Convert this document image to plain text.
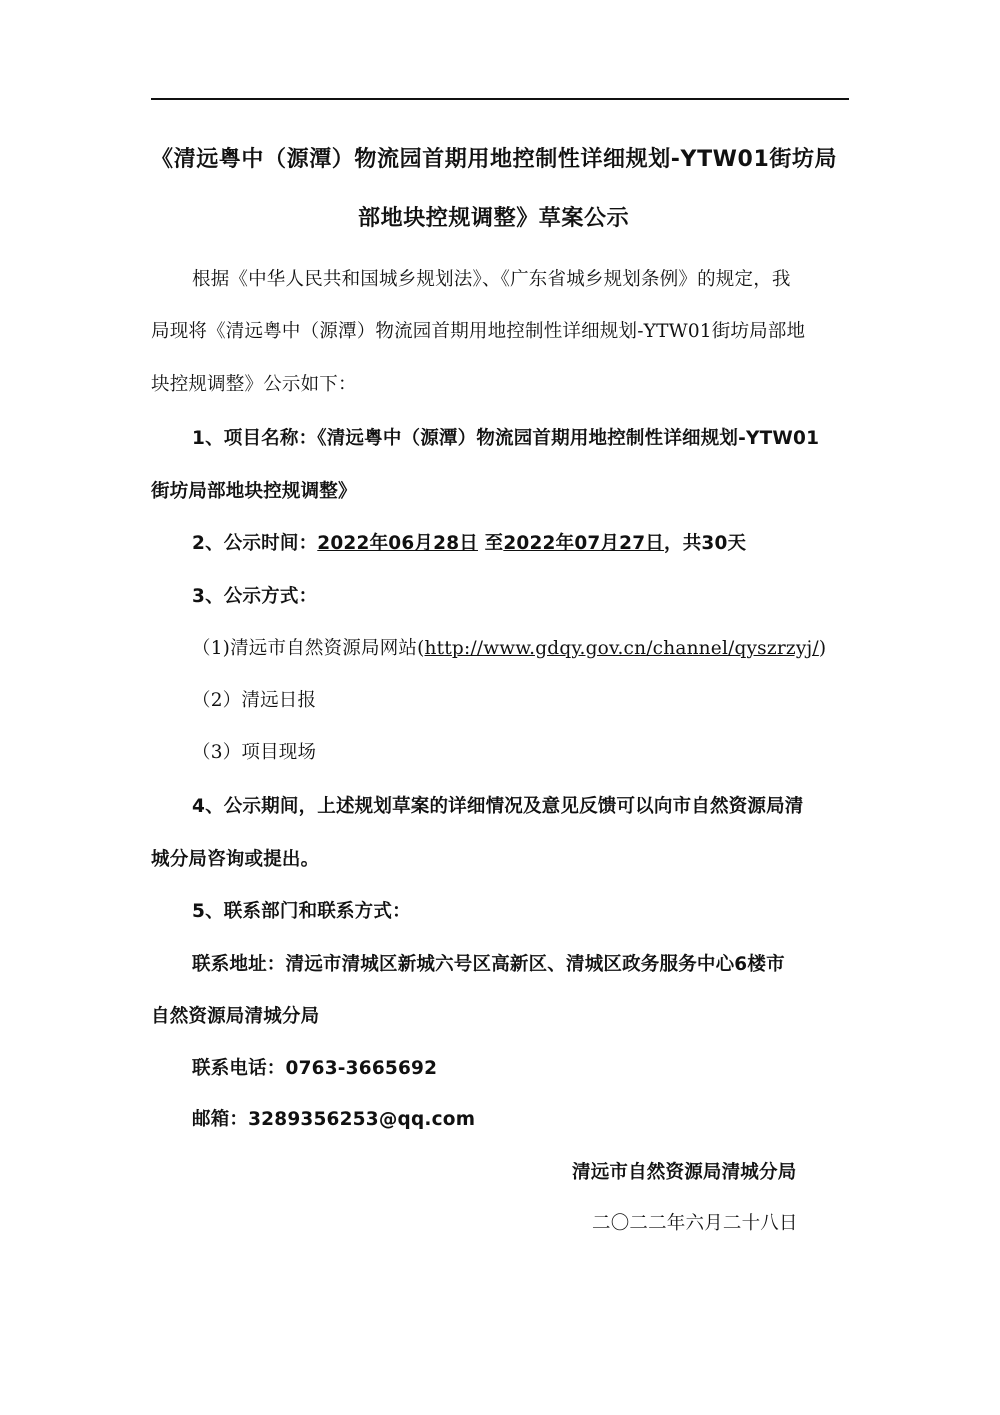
《清远粤中（源潭）物流园首期用地控制性详细规划-YTW01街坊局
部地块控规调整》草案公示
根据《中华人民共和国城乡规划法》、《广东省城乡规划条例》的规定，我
局现将《清远粤中（源潭）物流园首期用地控制性详细规划-YTW01街坊局部地
块控规调整》公示如下：
1、项目名称：《清远粤中（源潭）物流园首期用地控制性详细规划-YTW01
街坊局部地块控规调整》
2、公示时间：2022年06月28日 至2022年07月27日，共30天
3、公示方式：
（1)清远市自然资源局网站(http://www.gdqy.gov.cn/channel/qyszrzyj/)
（2）清远日报
（3）项目现场
4、公示期间，上述规划草案的详细情况及意见反馈可以向市自然资源局清
城分局咨询或提出。
5、联系部门和联系方式：
联系地址：清远市清城区新城六号区高新区、清城区政务服务中心6楼市
自然资源局清城分局
联系电话：0763-3665692
邮箱：3289356253@qq.com
清远市自然资源局清城分局
二〇二二年六月二十八日
